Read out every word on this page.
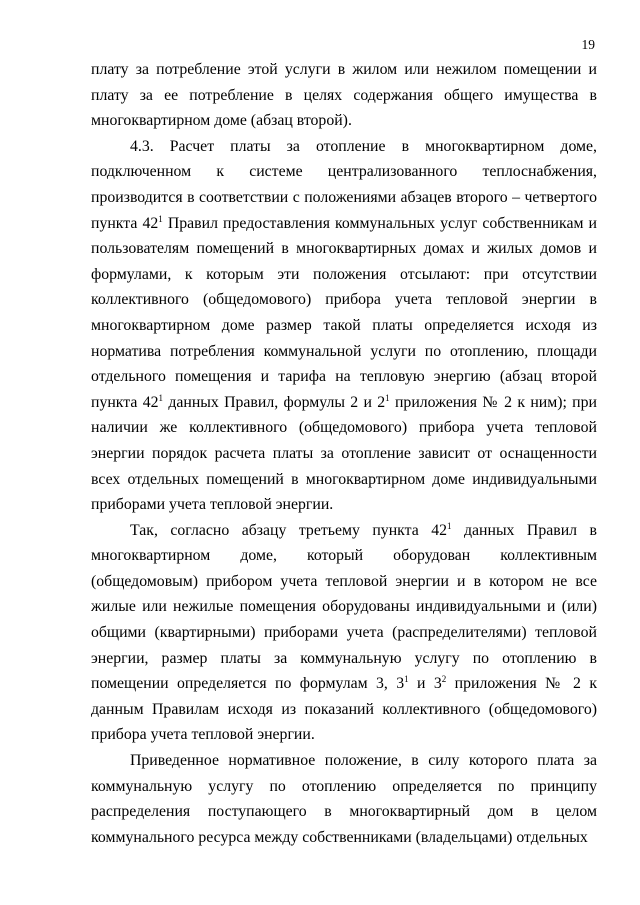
19

плату за потребление этой услуги в жилом или нежилом помещении и плату за ее потребление в целях содержания общего имущества в многоквартирном доме (абзац второй).

4.3. Расчет платы за отопление в многоквартирном доме, подключенном к системе централизованного теплоснабжения, производится в соответствии с положениями абзацев второго – четвертого пункта $42^1$ Правил предоставления коммунальных услуг собственникам и пользователям помещений в многоквартирных домах и жилых домов и формулами, к которым эти положения отсылают: при отсутствии коллективного (общедомового) прибора учета тепловой энергии в многоквартирном доме размер такой платы определяется исходя из норматива потребления коммунальной услуги по отоплению, площади отдельного помещения и тарифа на тепловую энергию (абзац второй пункта $42^1$ данных Правил, формулы 2 и $2^1$ приложения № 2 к ним); при наличии же коллективного (общедомового) прибора учета тепловой энергии порядок расчета платы за отопление зависит от оснащенности всех отдельных помещений в многоквартирном доме индивидуальными приборами учета тепловой энергии.

Так, согласно абзацу третьему пункта $42^1$ данных Правил в многоквартирном доме, который оборудован коллективным (общедомовым) прибором учета тепловой энергии и в котором не все жилые или нежилые помещения оборудованы индивидуальными и (или) общими (квартирными) приборами учета (распределителями) тепловой энергии, размер платы за коммунальную услугу по отоплению в помещении определяется по формулам 3, $3^1$ и $3^2$ приложения № 2 к данным Правилам исходя из показаний коллективного (общедомового) прибора учета тепловой энергии.

Приведенное нормативное положение, в силу которого плата за коммунальную услугу по отоплению определяется по принципу распределения поступающего в многоквартирный дом в целом коммунального ресурса между собственниками (владельцами) отдельных
